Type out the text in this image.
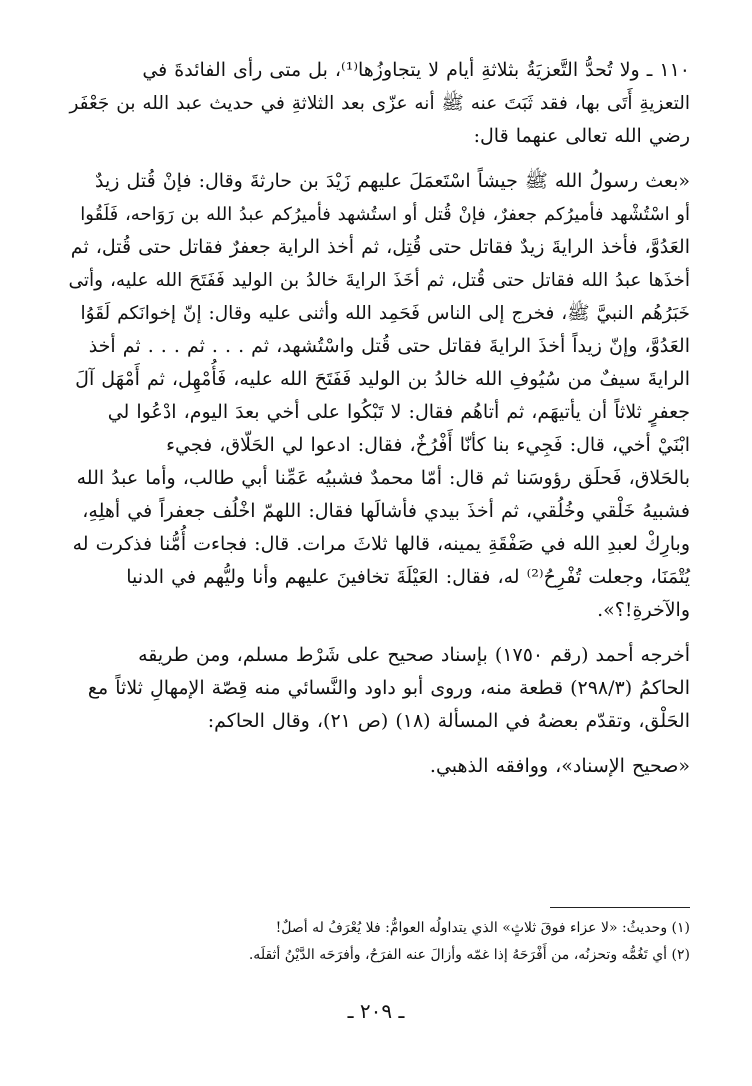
١١٠ ـ ولا تُحدُّ التَّعزيَةُ بثلاثةِ أيام لا يتجاوزُها⁽¹⁾، بل متى رأى الفائدةَ في
التعزيةِ أَتَى بها، فقد ثَبَتَ عنه ﷺ أنه عزّى بعد الثلاثةِ في حديث عبد الله بن جَعْفَر
رضي الله تعالى عنهما قال:

«بعث رسولُ الله ﷺ جيشاً اسْتَعمَلَ عليهم زَيْدَ بن حارثةَ وقال: فإنْ قُتل زيدٌ
أو اسْتُشْهد فأميرُكم جعفرٌ، فإنْ قُتل أو استُشهد فأميرُكم عبدُ الله بن رَوَاحه، فَلَقُوا
العَدُوَّ، فأخذ الرايةَ زيدٌ فقاتل حتى قُتِل، ثم أخذ الراية جعفرٌ فقاتل حتى قُتل، ثم
أخذَها عبدُ الله فقاتل حتى قُتل، ثم أخَذَ الرايةَ خالدُ بن الوليد فَفَتَحَ الله عليه، وأتى
خَبَرُهُم النبيَّ ﷺ، فخرج إلى الناس فَحَمِد الله وأثنى عليه وقال: إنّ إخوانَكم لَقَوُا
العَدُوَّ، وإنّ زيداً أخذَ الرايةَ فقاتل حتى قُتل واسْتُشهد، ثم . . . ثم . . . ثم أخذ
الرايةَ سيفٌ من سُيُوفِ الله خالدُ بن الوليد فَفَتَحَ الله عليه، فَأُمْهِل، ثم أَمْهَل آلَ
جعفرٍ ثلاثاً أن يأتيهَم، ثم أتاهُم فقال: لا تَبْكُوا على أخي بعدَ اليوم، ادْعُوا لي
ابْنَيْ أخي، قال: فَجِيء بنا كأنّا أَفْرُخٌ، فقال: ادعوا لي الحَلّاق، فجيء
بالحَلاق، فَحلَق رؤوسَنا ثم قال: أمّا محمدٌ فشبيُه عَمِّنا أبي طالب، وأما عبدُ الله
فشبيهُ خَلْقي وخُلُقي، ثم أخذَ بيدي فأشالَها فقال: اللهمّ اخْلُف جعفراً في أهلِهِ،
وبارِكْ لعبدِ الله في صَفْقَةِ يمينه، قالها ثلاثَ مرات. قال: فجاءت أُمُّنا فذكرت له
يُتْمَنَا، وجعلت تُفْرِحُ⁽²⁾ له، فقال: العَيْلَةَ تخافينَ عليهم وأنا وليُّهم في الدنيا
والآخرةِ!؟».

أخرجه أحمد (رقم ١٧٥٠) بإسناد صحيح على شَرْط مسلم، ومن طريقه
الحاكمُ (٢٩٨/٣) قطعة منه، وروى أبو داود والنَّسائي منه قِصّة الإمهالِ ثلاثاً مع
الحَلْق، وتقدّم بعضهُ في المسألة (١٨) (ص ٢١)، وقال الحاكم:

«صحيح الإسناد»، ووافقه الذهبي.

(١) وحديثُ: «لا عزاء فوقَ ثلاثٍ» الذي يتداولُه العوامُّ: فلا يُعْرَفُ له أصلٌ!
(٢) أي تَغُمُّه وتحزنُه، من أَفْرَحَهُ إذا غمّه وأزالَ عنه الفرَحُ، وأفرَحَه الدَّيْنُ أثقلَه.
ـ ٢٠٩ ـ
